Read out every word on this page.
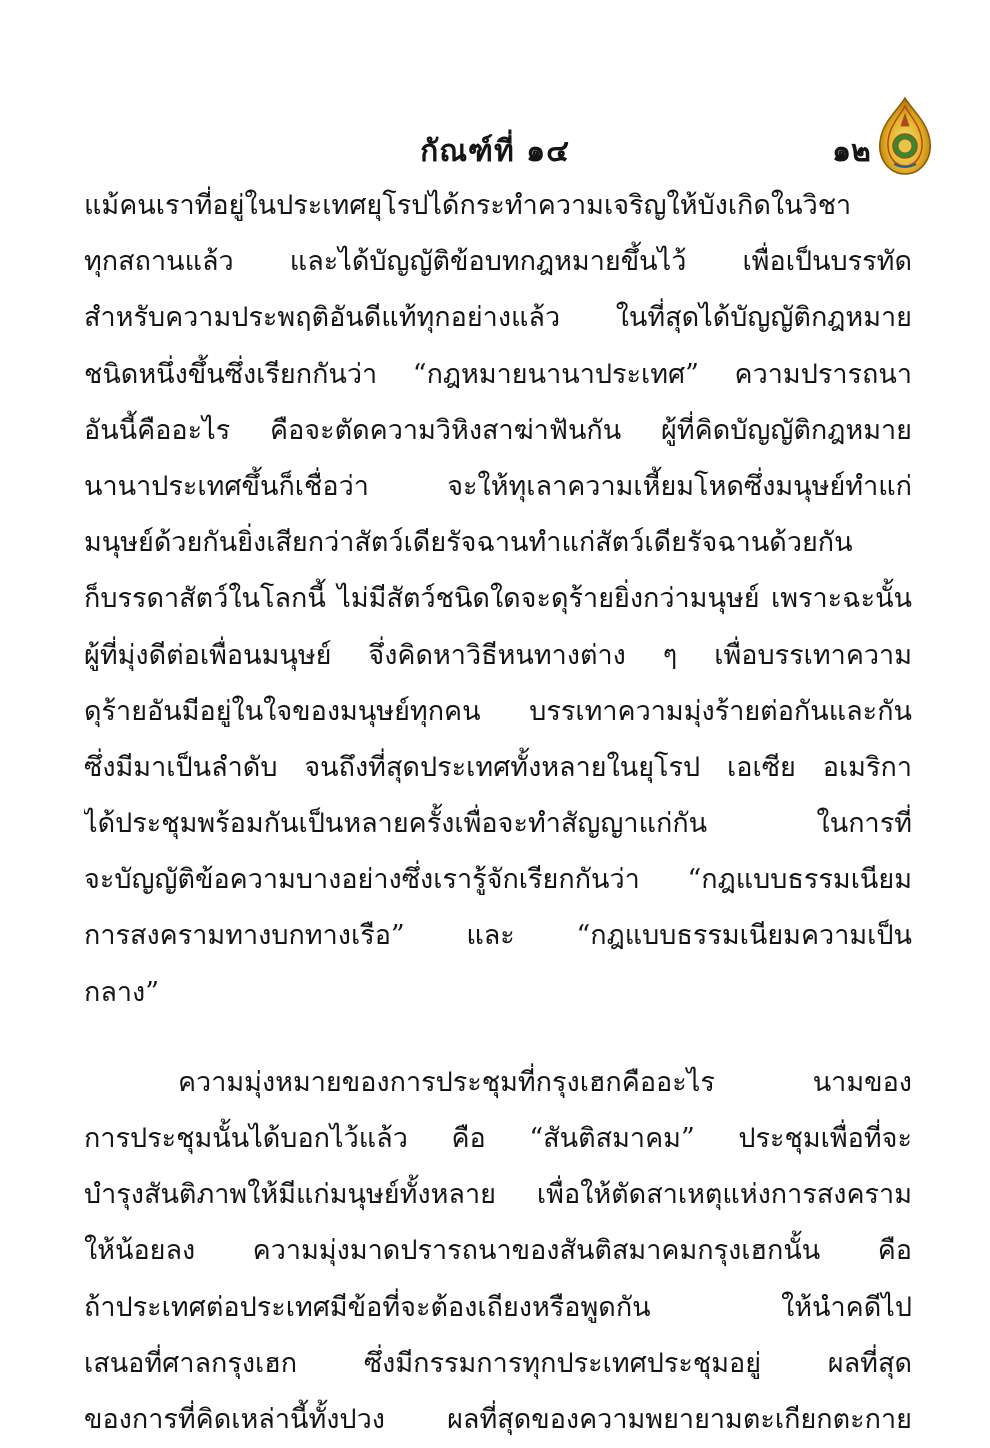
กัณฑ์ที่ ๑๔	๑๒
แม้คนเราที่อยู่ในประเทศยุโรปได้กระทำความเจริญให้บังเกิดในวิชา
ทุกสถานแล้ว และได้บัญญัติข้อบทกฎหมายขึ้นไว้ เพื่อเป็นบรรทัด
สำหรับความประพฤติอันดีแท้ทุกอย่างแล้ว ในที่สุดได้บัญญัติกฎหมาย
ชนิดหนึ่งขึ้นซึ่งเรียกกันว่า “กฎหมายนานาประเทศ” ความปรารถนา
อันนี้คืออะไร คือจะตัดความวิหิงสาฆ่าฟันกัน ผู้ที่คิดบัญญัติกฎหมาย
นานาประเทศขึ้นก็เชื่อว่า จะให้ทุเลาความเหี้ยมโหดซึ่งมนุษย์ทำแก่
มนุษย์ด้วยกันยิ่งเสียกว่าสัตว์เดียรัจฉานทำแก่สัตว์เดียรัจฉานด้วยกัน
ก็บรรดาสัตว์ในโลกนี้ ไม่มีสัตว์ชนิดใดจะดุร้ายยิ่งกว่ามนุษย์ เพราะฉะนั้น
ผู้ที่มุ่งดีต่อเพื่อนมนุษย์ จึ่งคิดหาวิธีหนทางต่าง ๆ เพื่อบรรเทาความ
ดุร้ายอันมีอยู่ในใจของมนุษย์ทุกคน บรรเทาความมุ่งร้ายต่อกันและกัน
ซึ่งมีมาเป็นลำดับ จนถึงที่สุดประเทศทั้งหลายในยุโรป เอเซีย อเมริกา
ได้ประชุมพร้อมกันเป็นหลายครั้งเพื่อจะทำสัญญาแก่กัน ในการที่
จะบัญญัติข้อความบางอย่างซึ่งเรารู้จักเรียกกันว่า “กฎแบบธรรมเนียม
การสงครามทางบกทางเรือ” และ “กฎแบบธรรมเนียมความเป็น
กลาง”
ความมุ่งหมายของการประชุมที่กรุงเฮกคืออะไร นามของ
การประชุมนั้นได้บอกไว้แล้ว คือ “สันติสมาคม” ประชุมเพื่อที่จะ
บำรุงสันติภาพให้มีแก่มนุษย์ทั้งหลาย เพื่อให้ตัดสาเหตุแห่งการสงคราม
ให้น้อยลง ความมุ่งมาดปรารถนาของสันติสมาคมกรุงเฮกนั้น คือ
ถ้าประเทศต่อประเทศมีข้อที่จะต้องเถียงหรือพูดกัน ให้นำคดีไป
เสนอที่ศาลกรุงเฮก ซึ่งมีกรรมการทุกประเทศประชุมอยู่ ผลที่สุด
ของการที่คิดเหล่านี้ทั้งปวง ผลที่สุดของความพยายามตะเกียกตะกาย
